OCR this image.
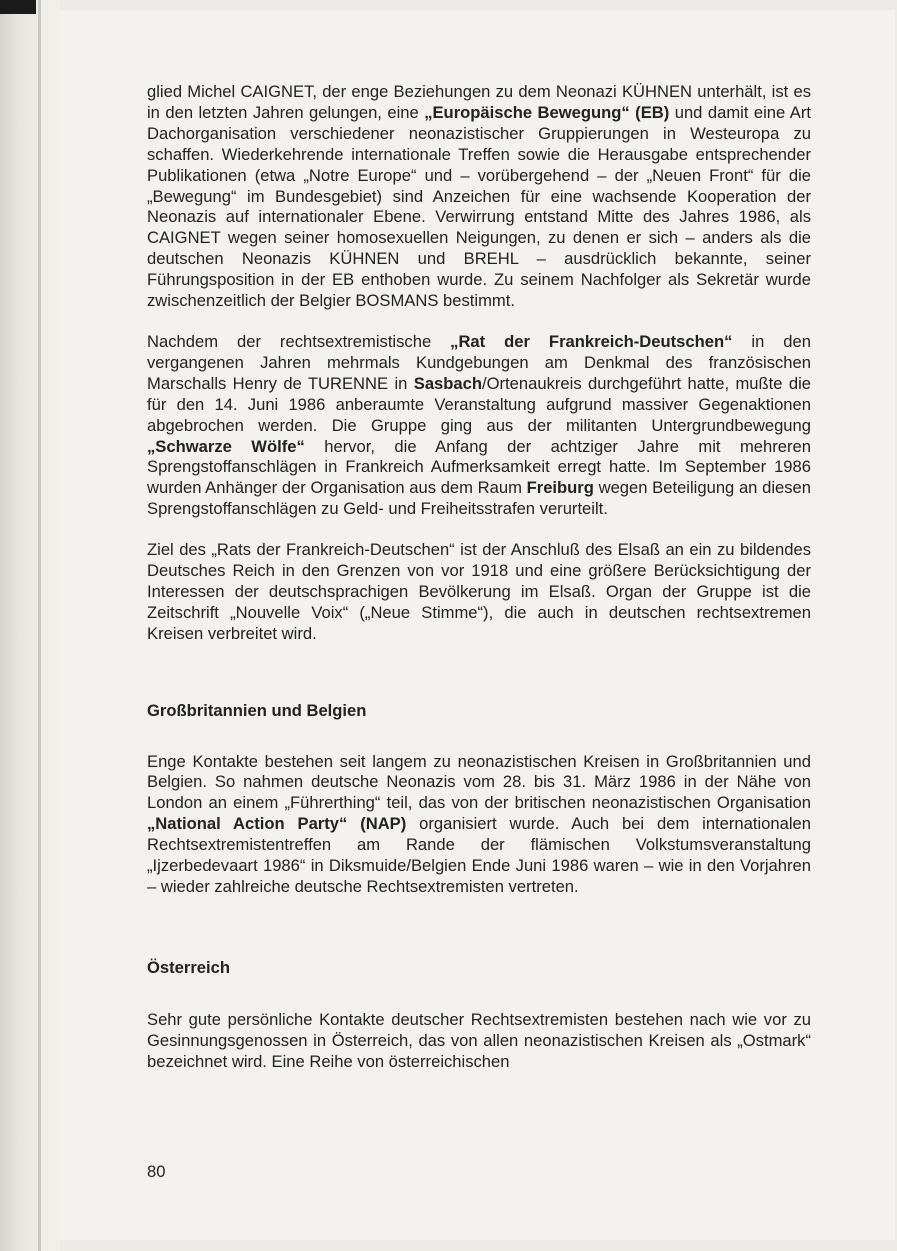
glied Michel CAIGNET, der enge Beziehungen zu dem Neonazi KÜHNEN unterhält, ist es in den letzten Jahren gelungen, eine „Europäische Bewegung“ (EB) und damit eine Art Dachorganisation verschiedener neonazistischer Gruppierungen in Westeuropa zu schaffen. Wiederkehrende internationale Treffen sowie die Herausgabe entsprechender Publikationen (etwa „Notre Europe“ und – vorübergehend – der „Neuen Front“ für die „Bewegung“ im Bundesgebiet) sind Anzeichen für eine wachsende Kooperation der Neonazis auf internationaler Ebene. Verwirrung entstand Mitte des Jahres 1986, als CAIGNET wegen seiner homosexuellen Neigungen, zu denen er sich – anders als die deutschen Neonazis KÜHNEN und BREHL – ausdrücklich bekannte, seiner Führungsposition in der EB enthoben wurde. Zu seinem Nachfolger als Sekretär wurde zwischenzeitlich der Belgier BOSMANS bestimmt.

Nachdem der rechtsextremistische „Rat der Frankreich-Deutschen“ in den vergangenen Jahren mehrmals Kundgebungen am Denkmal des französischen Marschalls Henry de TURENNE in Sasbach/Ortenaukreis durchgeführt hatte, mußte die für den 14. Juni 1986 anberaumte Veranstaltung aufgrund massiver Gegenaktionen abgebrochen werden. Die Gruppe ging aus der militanten Untergrundbewegung „Schwarze Wölfe“ hervor, die Anfang der achtziger Jahre mit mehreren Sprengstoffanschlägen in Frankreich Aufmerksamkeit erregt hatte. Im September 1986 wurden Anhänger der Organisation aus dem Raum Freiburg wegen Beteiligung an diesen Sprengstoffanschlägen zu Geld- und Freiheitsstrafen verurteilt.

Ziel des „Rats der Frankreich-Deutschen“ ist der Anschluß des Elsaß an ein zu bildendes Deutsches Reich in den Grenzen von vor 1918 und eine größere Berücksichtigung der Interessen der deutschsprachigen Bevölkerung im Elsaß. Organ der Gruppe ist die Zeitschrift „Nouvelle Voix“ („Neue Stimme“), die auch in deutschen rechtsextremen Kreisen verbreitet wird.

Großbritannien und Belgien

Enge Kontakte bestehen seit langem zu neonazistischen Kreisen in Großbritannien und Belgien. So nahmen deutsche Neonazis vom 28. bis 31. März 1986 in der Nähe von London an einem „Führerthing“ teil, das von der britischen neonazistischen Organisation „National Action Party“ (NAP) organisiert wurde. Auch bei dem internationalen Rechtsextremistentreffen am Rande der flämischen Volkstumsveranstaltung „Ijzerbedevaart 1986“ in Diksmuide/Belgien Ende Juni 1986 waren – wie in den Vorjahren – wieder zahlreiche deutsche Rechtsextremisten vertreten.

Österreich

Sehr gute persönliche Kontakte deutscher Rechtsextremisten bestehen nach wie vor zu Gesinnungsgenossen in Österreich, das von allen neonazistischen Kreisen als „Ostmark“ bezeichnet wird. Eine Reihe von österreichischen

80
